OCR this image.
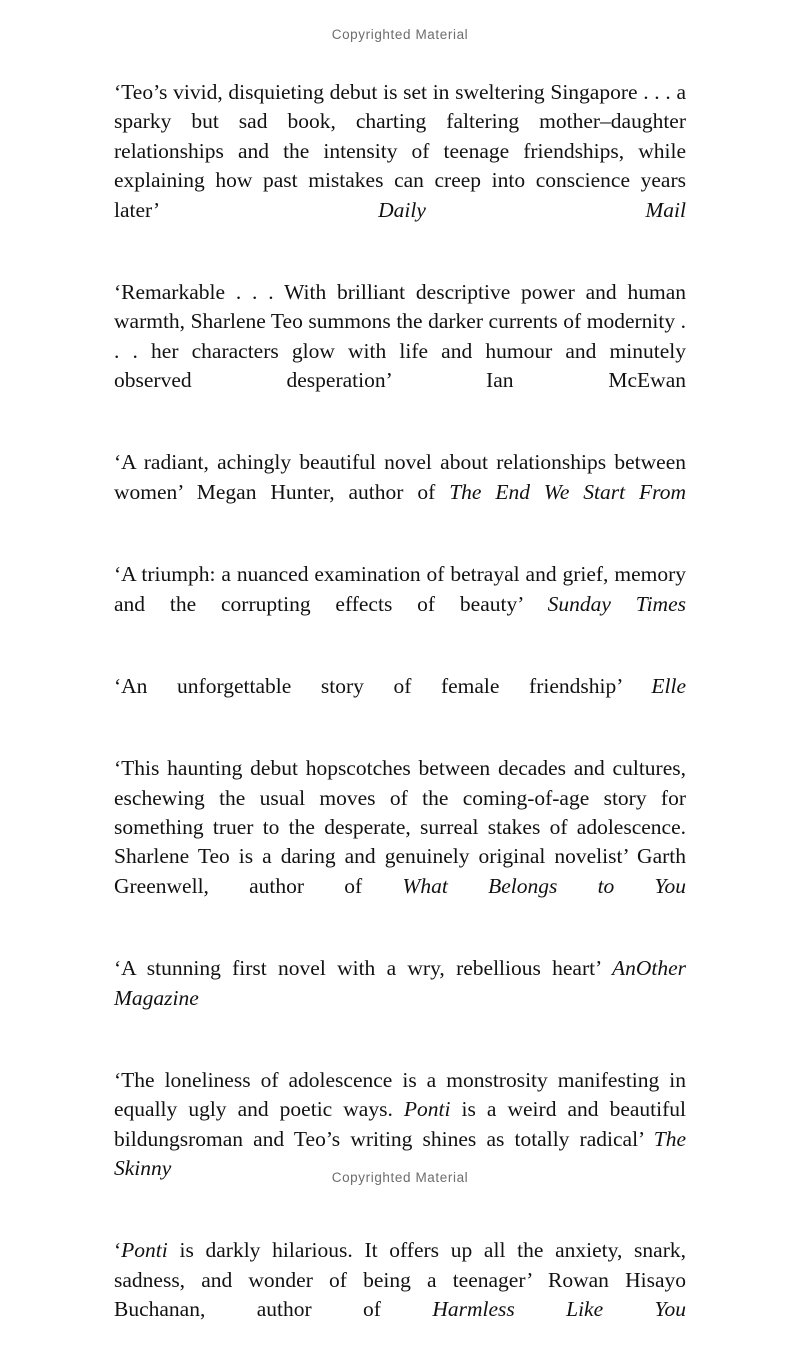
Copyrighted Material

‘Teo’s vivid, disquieting debut is set in sweltering Singapore . . . a sparky but sad book, charting faltering mother–daughter relationships and the intensity of teenage friendships, while explaining how past mistakes can creep into conscience years later’ Daily Mail

‘Remarkable . . . With brilliant descriptive power and human warmth, Sharlene Teo summons the darker currents of modernity . . . her characters glow with life and humour and minutely observed desperation’ Ian McEwan

‘A radiant, achingly beautiful novel about relationships between women’ Megan Hunter, author of The End We Start From

‘A triumph: a nuanced examination of betrayal and grief, memory and the corrupting effects of beauty’ Sunday Times

‘An unforgettable story of female friendship’ Elle

‘This haunting debut hopscotches between decades and cultures, eschewing the usual moves of the coming-of-age story for something truer to the desperate, surreal stakes of adolescence. Sharlene Teo is a daring and genuinely original novelist’ Garth Greenwell, author of What Belongs to You

‘A stunning first novel with a wry, rebellious heart’ AnOther Magazine

‘The loneliness of adolescence is a monstrosity manifesting in equally ugly and poetic ways. Ponti is a weird and beautiful bildungsroman and Teo’s writing shines as totally radical’ The Skinny

‘Ponti is darkly hilarious. It offers up all the anxiety, snark, sadness, and wonder of being a teenager’ Rowan Hisayo Buchanan, author of Harmless Like You

Copyrighted Material
